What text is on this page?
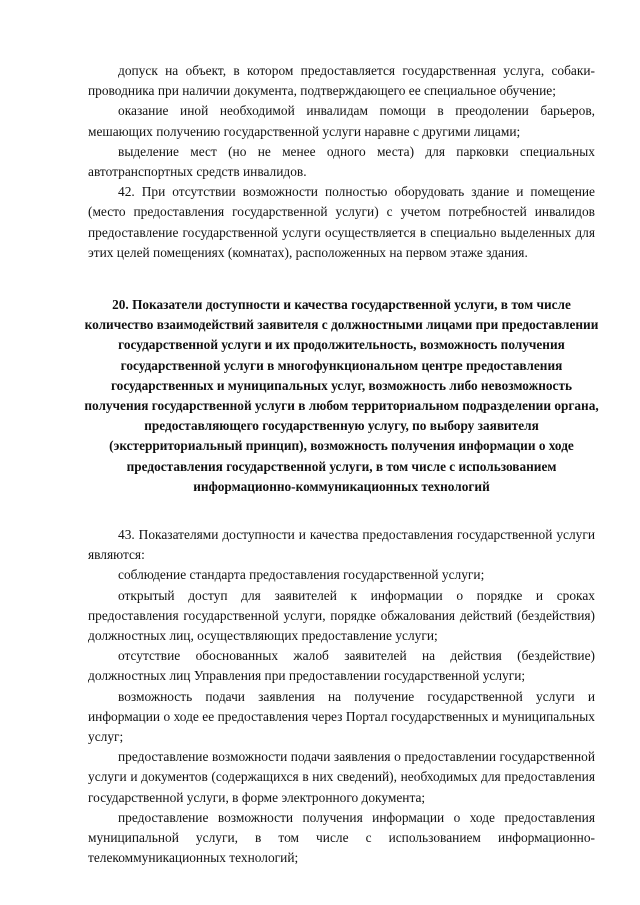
допуск на объект, в котором предоставляется государственная услуга, собаки-проводника при наличии документа, подтверждающего ее специальное обучение;

оказание иной необходимой инвалидам помощи в преодолении барьеров, мешающих получению государственной услуги наравне с другими лицами;

выделение мест (но не менее одного места) для парковки специальных автотранспортных средств инвалидов.

42. При отсутствии возможности полностью оборудовать здание и помещение (место предоставления государственной услуги) с учетом потребностей инвалидов предоставление государственной услуги осуществляется в специально выделенных для этих целей помещениях (комнатах), расположенных на первом этаже здания.

20. Показатели доступности и качества государственной услуги, в том числе количество взаимодействий заявителя с должностными лицами при предоставлении государственной услуги и их продолжительность, возможность получения государственной услуги в многофункциональном центре предоставления государственных и муниципальных услуг, возможность либо невозможность получения государственной услуги в любом территориальном подразделении органа, предоставляющего государственную услугу, по выбору заявителя (экстерриториальный принцип), возможность получения информации о ходе предоставления государственной услуги, в том числе с использованием информационно-коммуникационных технологий

43. Показателями доступности и качества предоставления государственной услуги являются:

соблюдение стандарта предоставления государственной услуги;

открытый доступ для заявителей к информации о порядке и сроках предоставления государственной услуги, порядке обжалования действий (бездействия) должностных лиц, осуществляющих предоставление услуги;

отсутствие обоснованных жалоб заявителей на действия (бездействие) должностных лиц Управления при предоставлении государственной услуги;

возможность подачи заявления на получение государственной услуги и информации о ходе ее предоставления через Портал государственных и муниципальных услуг;

предоставление возможности подачи заявления о предоставлении государственной услуги и документов (содержащихся в них сведений), необходимых для предоставления государственной услуги, в форме электронного документа;

предоставление возможности получения информации о ходе предоставления муниципальной услуги, в том числе с использованием информационно-телекоммуникационных технологий;
